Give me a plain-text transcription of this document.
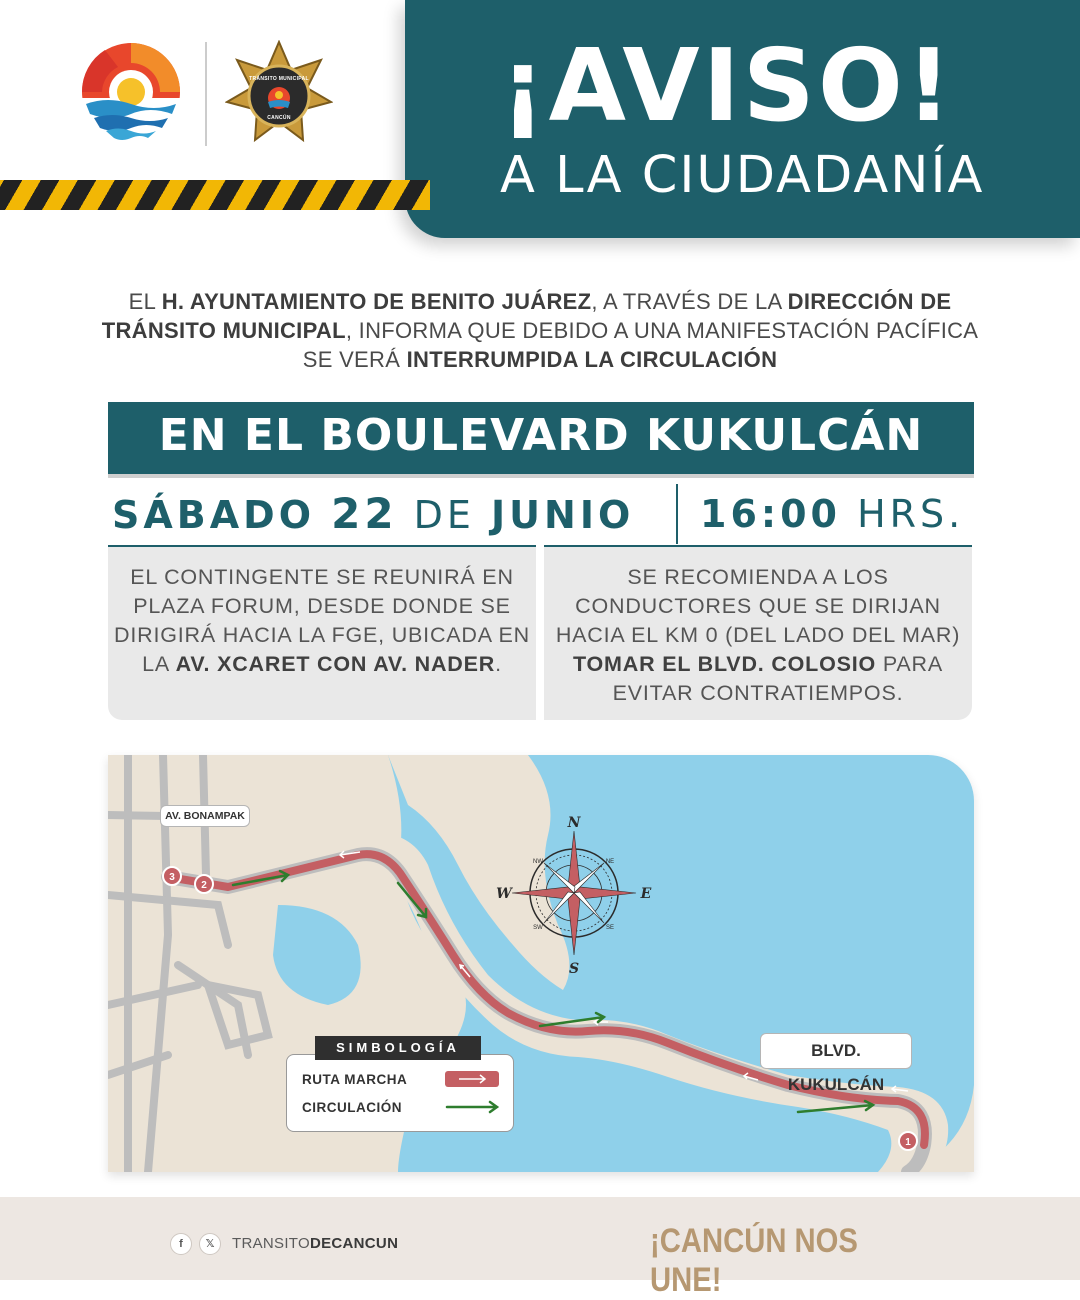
¡AVISO!
A LA CIUDADANÍA
TRÁNSITO MUNICIPAL
CANCÚN
EL H. AYUNTAMIENTO DE BENITO JUÁREZ, A TRAVÉS DE LA DIRECCIÓN DE TRÁNSITO MUNICIPAL, INFORMA QUE DEBIDO A UNA MANIFESTACIÓN PACÍFICA SE VERÁ INTERRUMPIDA LA CIRCULACIÓN
EN EL BOULEVARD KUKULCÁN
SÁBADO 22 DE JUNIO	16:00 HRS.
EL CONTINGENTE SE REUNIRÁ EN PLAZA FORUM, DESDE DONDE SE DIRIGIRÁ HACIA LA FGE, UBICADA EN LA AV. XCARET CON AV. NADER.
SE RECOMIENDA A LOS CONDUCTORES QUE SE DIRIJAN HACIA EL KM 0 (DEL LADO DEL MAR) TOMAR EL BLVD. COLOSIO PARA EVITAR CONTRATIEMPOS.
3
2
1
N
S
E
W
NE
NW
SE
SW
AV. BONAMPAK
BLVD. KUKULCÁN
RUTA MARCHA
CIRCULACIÓN
SIMBOLOGÍA
f	𝕏	TRANSITODECANCUN	¡CANCÚN NOS UNE!
